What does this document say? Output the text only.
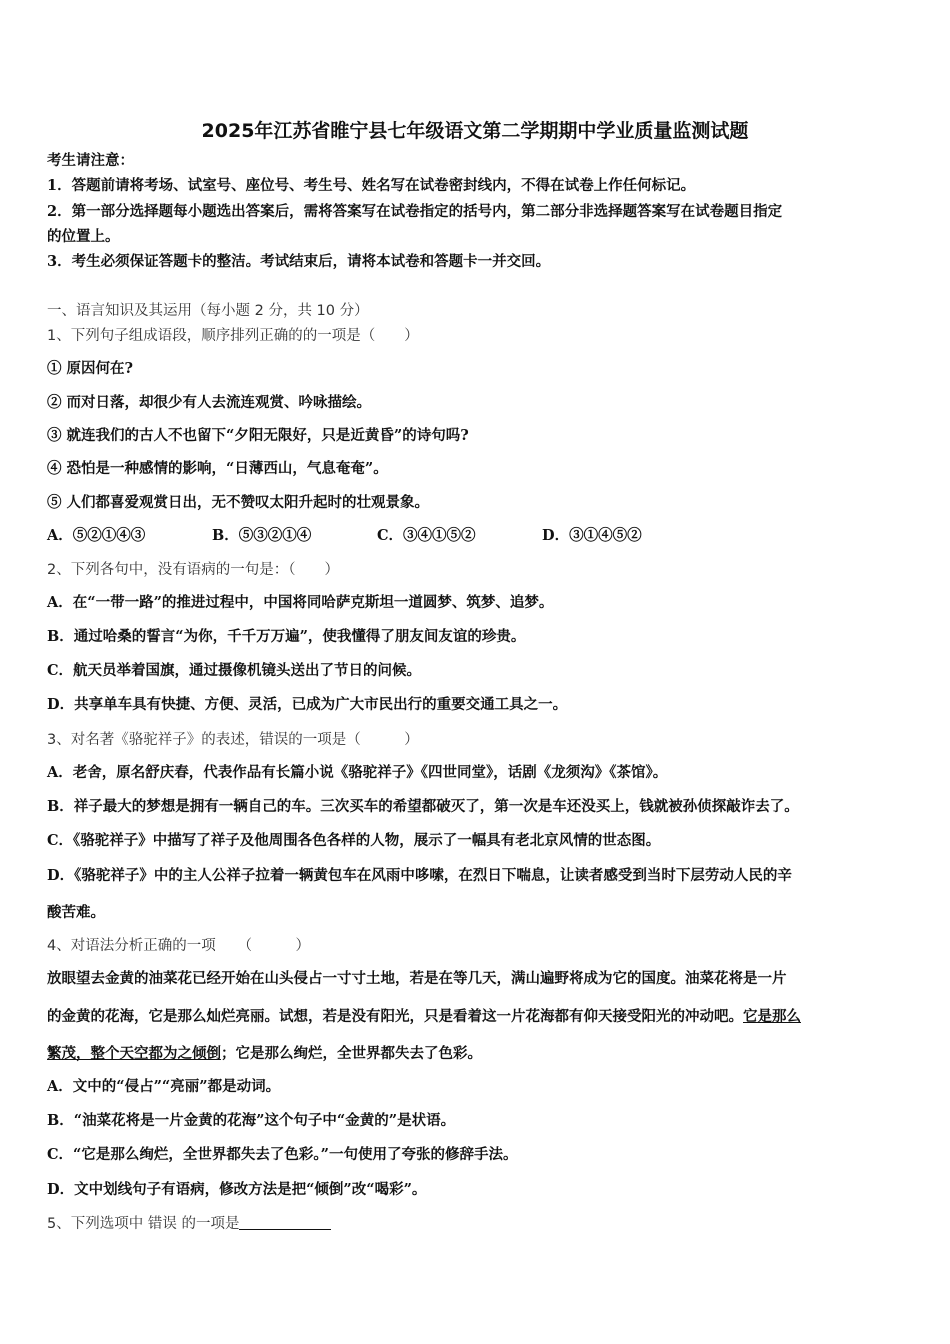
2025年江苏省睢宁县七年级语文第二学期期中学业质量监测试题
考生请注意：
1．答题前请将考场、试室号、座位号、考生号、姓名写在试卷密封线内，不得在试卷上作任何标记。
2．第一部分选择题每小题选出答案后，需将答案写在试卷指定的括号内，第二部分非选择题答案写在试卷题目指定
的位置上。
3．考生必须保证答题卡的整洁。考试结束后，请将本试卷和答题卡一并交回。
一、语言知识及其运用（每小题 2 分，共 10 分）
1、下列句子组成语段，顺序排列正确的的一项是（　　）
① 原因何在?
② 而对日落，却很少有人去流连观赏、吟咏描绘。
③ 就连我们的古人不也留下“夕阳无限好，只是近黄昏”的诗句吗?
④ 恐怕是一种感情的影响，“日薄西山，气息奄奄”。
⑤ 人们都喜爱观赏日出，无不赞叹太阳升起时的壮观景象。
A．⑤②①④③	B．⑤③②①④	C．③④①⑤②	D．③①④⑤②
2、下列各句中，没有语病的一句是：（　　）
A．在“一带一路”的推进过程中，中国将同哈萨克斯坦一道圆梦、筑梦、追梦。
B．通过哈桑的誓言“为你，千千万万遍”，使我懂得了朋友间友谊的珍贵。
C．航天员举着国旗，通过摄像机镜头送出了节日的问候。
D．共享单车具有快捷、方便、灵活，已成为广大市民出行的重要交通工具之一。
3、对名著《骆驼祥子》的表述，错误的一项是（　　　）
A．老舍，原名舒庆春，代表作品有长篇小说《骆驼祥子》《四世同堂》，话剧《龙须沟》《茶馆》。
B．祥子最大的梦想是拥有一辆自己的车。三次买车的希望都破灭了，第一次是车还没买上，钱就被孙侦探敲诈去了。
C．《骆驼祥子》中描写了祥子及他周围各色各样的人物，展示了一幅具有老北京风情的世态图。
D．《骆驼祥子》中的主人公祥子拉着一辆黄包车在风雨中哆嗦，在烈日下喘息，让读者感受到当时下层劳动人民的辛
酸苦难。
4、对语法分析正确的一项　　（　　　）
放眼望去金黄的油菜花已经开始在山头侵占一寸寸土地，若是在等几天，满山遍野将成为它的国度。油菜花将是一片
的金黄的花海，它是那么灿烂亮丽。试想，若是没有阳光，只是看着这一片花海都有仰天接受阳光的冲动吧。它是那么
繁茂，整个天空都为之倾倒；它是那么绚烂，全世界都失去了色彩。
A．文中的“侵占”“亮丽”都是动词。
B．“油菜花将是一片金黄的花海”这个句子中“金黄的”是状语。
C．“它是那么绚烂，全世界都失去了色彩。”一句使用了夸张的修辞手法。
D．文中划线句子有语病，修改方法是把“倾倒”改“喝彩”。
5、下列选项中 错误 的一项是
